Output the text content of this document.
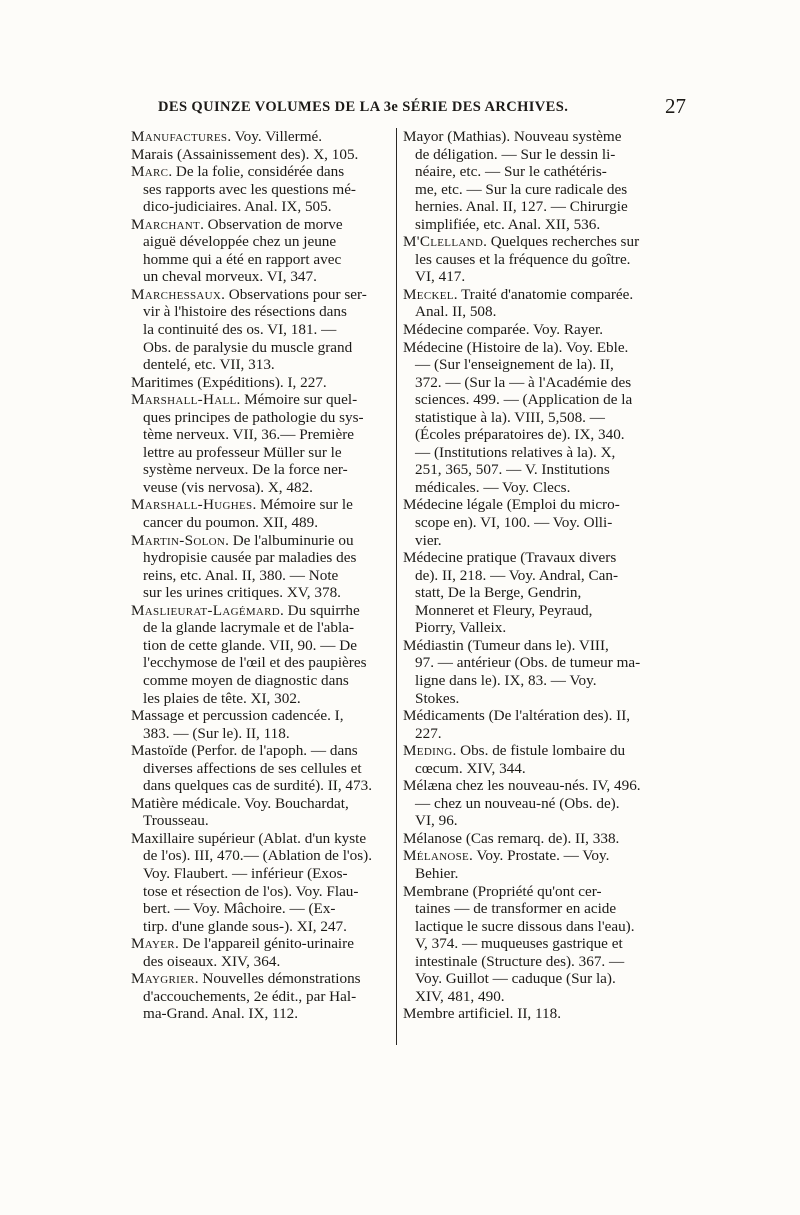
DES QUINZE VOLUMES DE LA 3e SÉRIE DES ARCHIVES.	27
Manufactures. Voy. Villermé.
Marais (Assainissement des). X, 105.
Marc. De la folie, considérée dans
ses rapports avec les questions mé-
dico-judiciaires. Anal. IX, 505.
Marchant. Observation de morve
aiguë développée chez un jeune
homme qui a été en rapport avec
un cheval morveux. VI, 347.
Marchessaux. Observations pour ser-
vir à l'histoire des résections dans
la continuité des os. VI, 181. —
Obs. de paralysie du muscle grand
dentelé, etc. VII, 313.
Maritimes (Expéditions). I, 227.
Marshall-Hall. Mémoire sur quel-
ques principes de pathologie du sys-
tème nerveux. VII, 36.— Première
lettre au professeur Müller sur le
système nerveux. De la force ner-
veuse (vis nervosa). X, 482.
Marshall-Hughes. Mémoire sur le
cancer du poumon. XII, 489.
Martin-Solon. De l'albuminurie ou
hydropisie causée par maladies des
reins, etc. Anal. II, 380. — Note
sur les urines critiques. XV, 378.
Maslieurat-Lagémard. Du squirrhe
de la glande lacrymale et de l'abla-
tion de cette glande. VII, 90. — De
l'ecchymose de l'œil et des paupières
comme moyen de diagnostic dans
les plaies de tête. XI, 302.
Massage et percussion cadencée. I,
383. — (Sur le). II, 118.
Mastoïde (Perfor. de l'apoph. — dans
diverses affections de ses cellules et
dans quelques cas de surdité). II, 473.
Matière médicale. Voy. Bouchardat,
Trousseau.
Maxillaire supérieur (Ablat. d'un kyste
de l'os). III, 470.— (Ablation de l'os).
Voy. Flaubert. — inférieur (Exos-
tose et résection de l'os). Voy. Flau-
bert. — Voy. Mâchoire. — (Ex-
tirp. d'une glande sous-). XI, 247.
Mayer. De l'appareil génito-urinaire
des oiseaux. XIV, 364.
Maygrier. Nouvelles démonstrations
d'accouchements, 2e édit., par Hal-
ma-Grand. Anal. IX, 112.
Mayor (Mathias). Nouveau système
de déligation. — Sur le dessin li-
néaire, etc. — Sur le cathétéris-
me, etc. — Sur la cure radicale des
hernies. Anal. II, 127. — Chirurgie
simplifiée, etc. Anal. XII, 536.
M'Clelland. Quelques recherches sur
les causes et la fréquence du goître.
VI, 417.
Meckel. Traité d'anatomie comparée.
Anal. II, 508.
Médecine comparée. Voy. Rayer.
Médecine (Histoire de la). Voy. Eble.
— (Sur l'enseignement de la). II,
372. — (Sur la — à l'Académie des
sciences. 499. — (Application de la
statistique à la). VIII, 5,508. —
(Écoles préparatoires de). IX, 340.
— (Institutions relatives à la). X,
251, 365, 507. — V. Institutions
médicales. — Voy. Clecs.
Médecine légale (Emploi du micro-
scope en). VI, 100. — Voy. Olli-
vier.
Médecine pratique (Travaux divers
de). II, 218. — Voy. Andral, Can-
statt, De la Berge, Gendrin,
Monneret et Fleury, Peyraud,
Piorry, Valleix.
Médiastin (Tumeur dans le). VIII,
97. — antérieur (Obs. de tumeur ma-
ligne dans le). IX, 83. — Voy.
Stokes.
Médicaments (De l'altération des). II,
227.
Meding. Obs. de fistule lombaire du
cœcum. XIV, 344.
Mélæna chez les nouveau-nés. IV, 496.
— chez un nouveau-né (Obs. de).
VI, 96.
Mélanose (Cas remarq. de). II, 338.
Mélanose. Voy. Prostate. — Voy.
Behier.
Membrane (Propriété qu'ont cer-
taines — de transformer en acide
lactique le sucre dissous dans l'eau).
V, 374. — muqueuses gastrique et
intestinale (Structure des). 367. —
Voy. Guillot — caduque (Sur la).
XIV, 481, 490.
Membre artificiel. II, 118.
